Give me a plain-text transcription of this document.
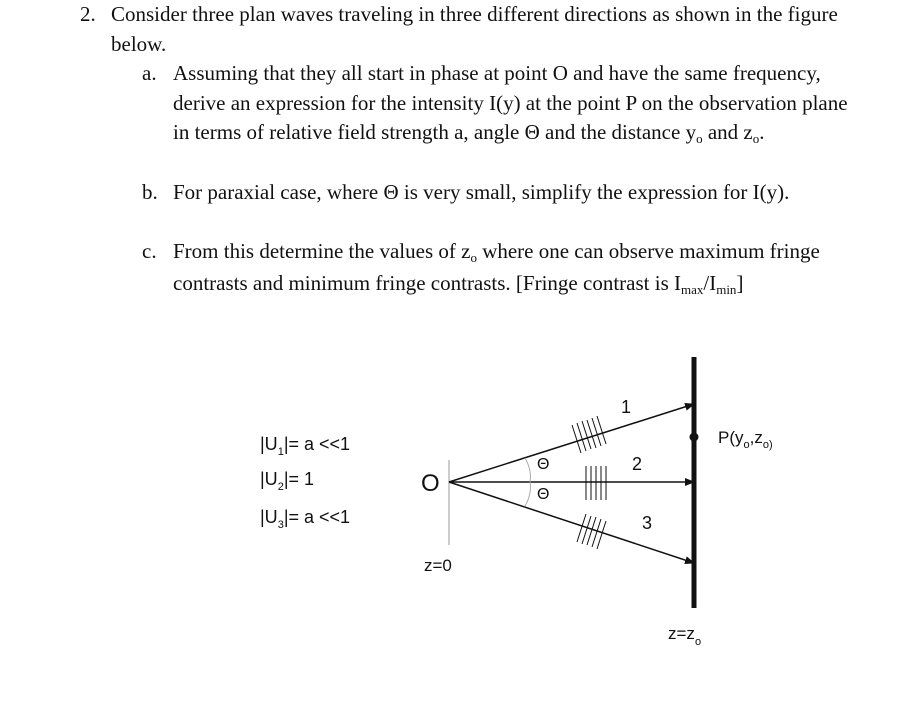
2. Consider three plan waves traveling in three different directions as shown in the figure below.
a. Assuming that they all start in phase at point O and have the same frequency, derive an expression for the intensity I(y) at the point P on the observation plane in terms of relative field strength a, angle Θ and the distance yo and zo.
b. For paraxial case, where Θ is very small, simplify the expression for I(y).
c. From this determine the values of zo where one can observe maximum fringe contrasts and minimum fringe contrasts. [Fringe contrast is Imax/Imin]
$|U_1|= a <<1$
$|U_2|= 1$
$|U_3|= a <<1$
O
Θ
Θ
1
2
3
$P(y_o,z_{o)}$
z=0
$z=z_o$
